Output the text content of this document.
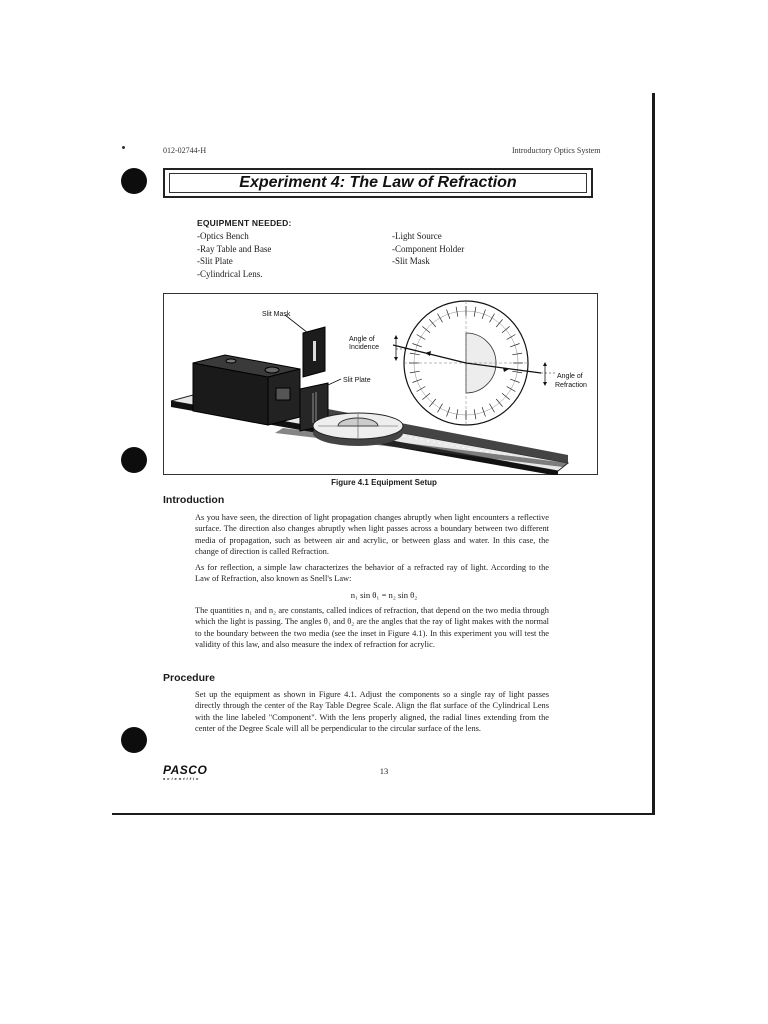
012-02744-H	Introductory Optics System
Experiment 4: The Law of Refraction
EQUIPMENT NEEDED:
-Optics Bench
-Ray Table and Base
-Slit Plate
-Cylindrical Lens.
-Light Source
-Component Holder
-Slit Mask
Slit Mask
Angle of
Incidence
Slit Plate
Angle of
Refraction
Figure 4.1 Equipment Setup
Introduction
As you have seen, the direction of light propagation changes abruptly when light encounters a reflective surface. The direction also changes abruptly when light passes across a boundary between two different media of propagation, such as between air and acrylic, or between glass and water. In this case, the change of direction is called Refraction.
As for reflection, a simple law characterizes the behavior of a refracted ray of light. According to the Law of Refraction, also known as Snell's Law:
n₁ sin θ₁ = n₂ sin θ₂
The quantities n₁ and n₂ are constants, called indices of refraction, that depend on the two media through which the light is passing. The angles θ₁ and θ₂ are the angles that the ray of light makes with the normal to the boundary between the two media (see the inset in Figure 4.1). In this experiment you will test the validity of this law, and also measure the index of refraction for acrylic.
Procedure
Set up the equipment as shown in Figure 4.1. Adjust the components so a single ray of light passes directly through the center of the Ray Table Degree Scale. Align the flat surface of the Cylindrical Lens with the line labeled "Component". With the lens properly aligned, the radial lines extending from the center of the Degree Scale will all be perpendicular to the circular surface of the lens.
PASCO
scientific
13
